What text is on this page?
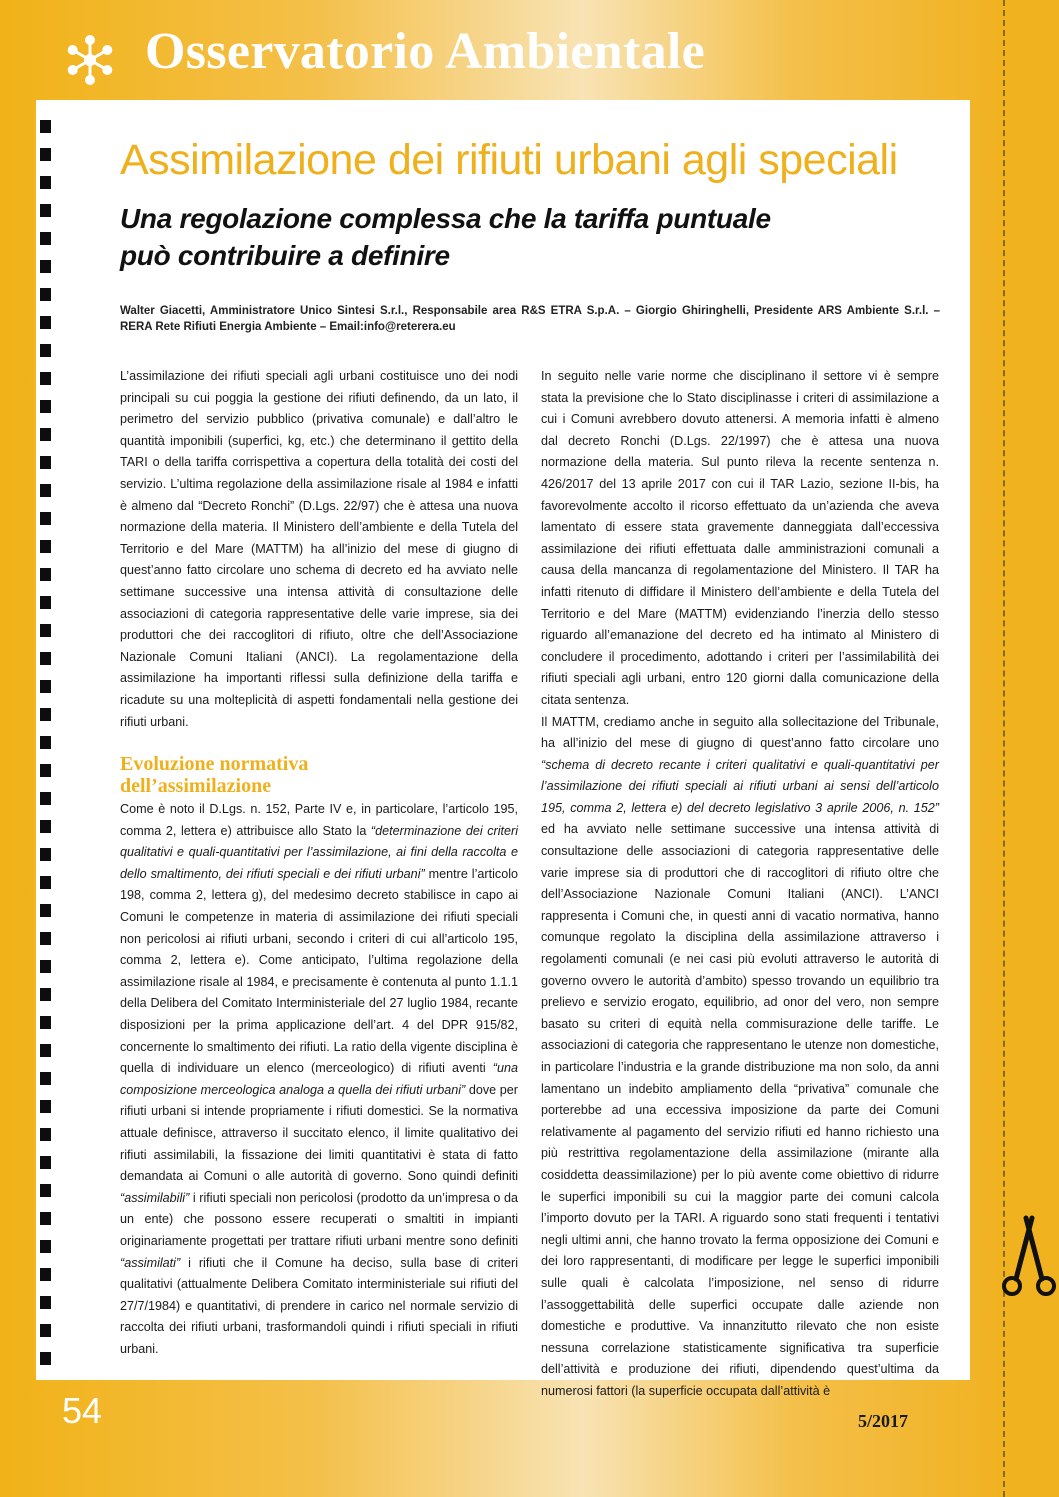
Osservatorio Ambientale
Assimilazione dei rifiuti urbani agli speciali
Una regolazione complessa che la tariffa puntuale
può contribuire a definire
Walter Giacetti, Amministratore Unico Sintesi S.r.l., Responsabile area R&S ETRA S.p.A. – Giorgio Ghiringhelli, Presidente ARS Ambiente S.r.l. – RERA Rete Rifiuti Energia Ambiente – Email:info@reterera.eu

L’assimilazione dei rifiuti speciali agli urbani costituisce uno dei nodi principali su cui poggia la gestione dei rifiuti definendo, da un lato, il perimetro del servizio pubblico (privativa comunale) e dall’altro le quantità imponibili (superfici, kg, etc.) che determinano il gettito della TARI o della tariffa corrispettiva a copertura della totalità dei costi del servizio. L’ultima regolazione della assimilazione risale al 1984 e infatti è almeno dal “Decreto Ronchi” (D.Lgs. 22/97) che è attesa una nuova normazione della materia. Il Ministero dell’ambiente e della Tutela del Territorio e del Mare (MATTM) ha all’inizio del mese di giugno di quest’anno fatto circolare uno schema di decreto ed ha avviato nelle settimane successive una intensa attività di consultazione delle associazioni di categoria rappresentative delle varie imprese, sia dei produttori che dei raccoglitori di rifiuto, oltre che dell’Associazione Nazionale Comuni Italiani (ANCI). La regolamentazione della assimilazione ha importanti riflessi sulla definizione della tariffa e ricadute su una molteplicità di aspetti fondamentali nella gestione dei rifiuti urbani.

Evoluzione normativa
dell’assimilazione

Come è noto il D.Lgs. n. 152, Parte IV e, in particolare, l’articolo 195, comma 2, lettera e) attribuisce allo Stato la “determinazione dei criteri qualitativi e quali-quantitativi per l’assimilazione, ai fini della raccolta e dello smaltimento, dei rifiuti speciali e dei rifiuti urbani” mentre l’articolo 198, comma 2, lettera g), del medesimo decreto stabilisce in capo ai Comuni le competenze in materia di assimilazione dei rifiuti speciali non pericolosi ai rifiuti urbani, secondo i criteri di cui all’articolo 195, comma 2, lettera e). Come anticipato, l’ultima regolazione della assimilazione risale al 1984, e precisamente è contenuta al punto 1.1.1 della Delibera del Comitato Interministeriale del 27 luglio 1984, recante disposizioni per la prima applicazione dell’art. 4 del DPR 915/82, concernente lo smaltimento dei rifiuti. La ratio della vigente disciplina è quella di individuare un elenco (merceologico) di rifiuti aventi “una composizione merceologica analoga a quella dei rifiuti urbani” dove per rifiuti urbani si intende propriamente i rifiuti domestici. Se la normativa attuale definisce, attraverso il succitato elenco, il limite qualitativo dei rifiuti assimilabili, la fissazione dei limiti quantitativi è stata di fatto demandata ai Comuni o alle autorità di governo. Sono quindi definiti “assimilabili” i rifiuti speciali non pericolosi (prodotto da un’impresa o da un ente) che possono essere recuperati o smaltiti in impianti originariamente progettati per trattare rifiuti urbani mentre sono definiti “assimilati” i rifiuti che il Comune ha deciso, sulla base di criteri qualitativi (attualmente Delibera Comitato interministeriale sui rifiuti del 27/7/1984) e quantitativi, di prendere in carico nel normale servizio di raccolta dei rifiuti urbani, trasformandoli quindi i rifiuti speciali in rifiuti urbani.

In seguito nelle varie norme che disciplinano il settore vi è sempre stata la previsione che lo Stato disciplinasse i criteri di assimilazione a cui i Comuni avrebbero dovuto attenersi. A memoria infatti è almeno dal decreto Ronchi (D.Lgs. 22/1997) che è attesa una nuova normazione della materia. Sul punto rileva la recente sentenza n. 426/2017 del 13 aprile 2017 con cui il TAR Lazio, sezione II-bis, ha favorevolmente accolto il ricorso effettuato da un’azienda che aveva lamentato di essere stata gravemente danneggiata dall’eccessiva assimilazione dei rifiuti effettuata dalle amministrazioni comunali a causa della mancanza di regolamentazione del Ministero. Il TAR ha infatti ritenuto di diffidare il Ministero dell’ambiente e della Tutela del Territorio e del Mare (MATTM) evidenziando l’inerzia dello stesso riguardo all’emanazione del decreto ed ha intimato al Ministero di concludere il procedimento, adottando i criteri per l’assimilabilità dei rifiuti speciali agli urbani, entro 120 giorni dalla comunicazione della citata sentenza.

Il MATTM, crediamo anche in seguito alla sollecitazione del Tribunale, ha all’inizio del mese di giugno di quest’anno fatto circolare uno “schema di decreto recante i criteri qualitativi e quali-quantitativi per l’assimilazione dei rifiuti speciali ai rifiuti urbani ai sensi dell’articolo 195, comma 2, lettera e) del decreto legislativo 3 aprile 2006, n. 152” ed ha avviato nelle settimane successive una intensa attività di consultazione delle associazioni di categoria rappresentative delle varie imprese sia di produttori che di raccoglitori di rifiuto oltre che dell’Associazione Nazionale Comuni Italiani (ANCI). L’ANCI rappresenta i Comuni che, in questi anni di vacatio normativa, hanno comunque regolato la disciplina della assimilazione attraverso i regolamenti comunali (e nei casi più evoluti attraverso le autorità di governo ovvero le autorità d’ambito) spesso trovando un equilibrio tra prelievo e servizio erogato, equilibrio, ad onor del vero, non sempre basato su criteri di equità nella commisurazione delle tariffe. Le associazioni di categoria che rappresentano le utenze non domestiche, in particolare l’industria e la grande distribuzione ma non solo, da anni lamentano un indebito ampliamento della “privativa” comunale che porterebbe ad una eccessiva imposizione da parte dei Comuni relativamente al pagamento del servizio rifiuti ed hanno richiesto una più restrittiva regolamentazione della assimilazione (mirante alla cosiddetta deassimilazione) per lo più avente come obiettivo di ridurre le superfici imponibili su cui la maggior parte dei comuni calcola l’importo dovuto per la TARI. A riguardo sono stati frequenti i tentativi negli ultimi anni, che hanno trovato la ferma opposizione dei Comuni e dei loro rappresentanti, di modificare per legge le superfici imponibili sulle quali è calcolata l’imposizione, nel senso di ridurre l’assoggettabilità delle superfici occupate dalle aziende non domestiche e produttive. Va innanzitutto rilevato che non esiste nessuna correlazione statisticamente significativa tra superficie dell’attività e produzione dei rifiuti, dipendendo quest’ultima da numerosi fattori (la superficie occupata dall’attività è

54	5/2017
